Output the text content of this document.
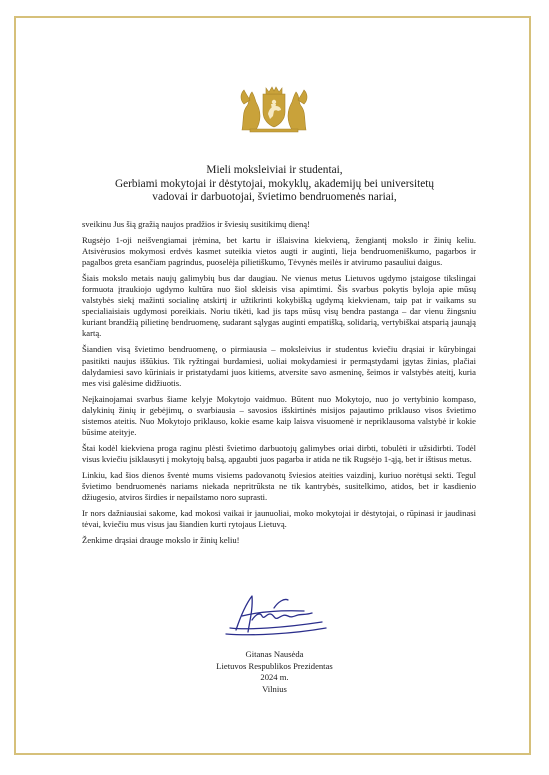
Mieli moksleiviai ir studentai,
Gerbiami mokytojai ir dėstytojai, mokyklų, akademijų bei universitetų
vadovai ir darbuotojai, švietimo bendruomenės nariai,

sveikinu Jus šią gražią naujos pradžios ir šviesių susitikimų dieną!

Rugsėjo 1-oji neišvengiamai įrėmina, bet kartu ir išlaisvina kiekvieną, žengiantį mokslo ir žinių keliu. Atsivėrusios mokymosi erdvės kasmet suteikia vietos augti ir auginti, lieja bendruomeniškumo, pagarbos ir pagalbos greta esančiam pagrindus, puoselėja pilietiškumo, Tėvynės meilės ir atvirumo pasauliui daigus.

Šiais mokslo metais naujų galimybių bus dar daugiau. Ne vienus metus Lietuvos ugdymo įstaigose tikslingai formuota įtraukiojo ugdymo kultūra nuo šiol skleisis visa apimtimi. Šis svarbus pokytis byloja apie mūsų valstybės siekį mažinti socialinę atskirtį ir užtikrinti kokybišką ugdymą kiekvienam, taip pat ir vaikams su specialiaisiais ugdymosi poreikiais. Noriu tikėti, kad jis taps mūsų visų bendra pastanga – dar vienu žingsniu kuriant brandžią pilietinę bendruomenę, sudarant sąlygas auginti empatišką, solidarią, vertybiškai atsparią jaunąją kartą.

Šiandien visą švietimo bendruomenę, o pirmiausia – moksleivius ir studentus kviečiu drąsiai ir kūrybingai pasitikti naujus iššūkius. Tik ryžtingai burdamiesi, uoliai mokydamiesi ir permąstydami įgytas žinias, plačiai dalydamiesi savo kūriniais ir pristatydami juos kitiems, atversite savo asmeninę, šeimos ir valstybės ateitį, kuria mes visi galėsime didžiuotis.

Neįkainojamai svarbus šiame kelyje Mokytojo vaidmuo. Būtent nuo Mokytojo, nuo jo vertybinio kompaso, dalykinių žinių ir gebėjimų, o svarbiausia – savosios išskirtinės misijos pajautimo priklauso visos švietimo sistemos ateitis. Nuo Mokytojo priklauso, kokie esame kaip laisva visuomenė ir nepriklausoma valstybė ir kokie būsime ateityje.

Štai kodėl kiekviena proga raginu plėsti švietimo darbuotojų galimybes oriai dirbti, tobulėti ir užsidirbti. Todėl visus kviečiu įsiklausyti į mokytojų balsą, apgaubti juos pagarba ir atida ne tik Rugsėjo 1-ąją, bet ir ištisus metus.

Linkiu, kad šios dienos šventė mums visiems padovanotų šviesios ateities vaizdinį, kuriuo norėtųsi sekti. Tegul švietimo bendruomenės nariams niekada nepritrūksta ne tik kantrybės, susitelkimo, atidos, bet ir kasdienio džiugesio, atviros širdies ir nepailstamo noro suprasti.

Ir nors dažniausiai sakome, kad mokosi vaikai ir jaunuoliai, moko mokytojai ir dėstytojai, o rūpinasi ir jaudinasi tėvai, kviečiu mus visus jau šiandien kurti rytojaus Lietuvą.

Ženkime drąsiai drauge mokslo ir žinių keliu!

Gitanas Nausėda
Lietuvos Respublikos Prezidentas
2024 m.
Vilnius
